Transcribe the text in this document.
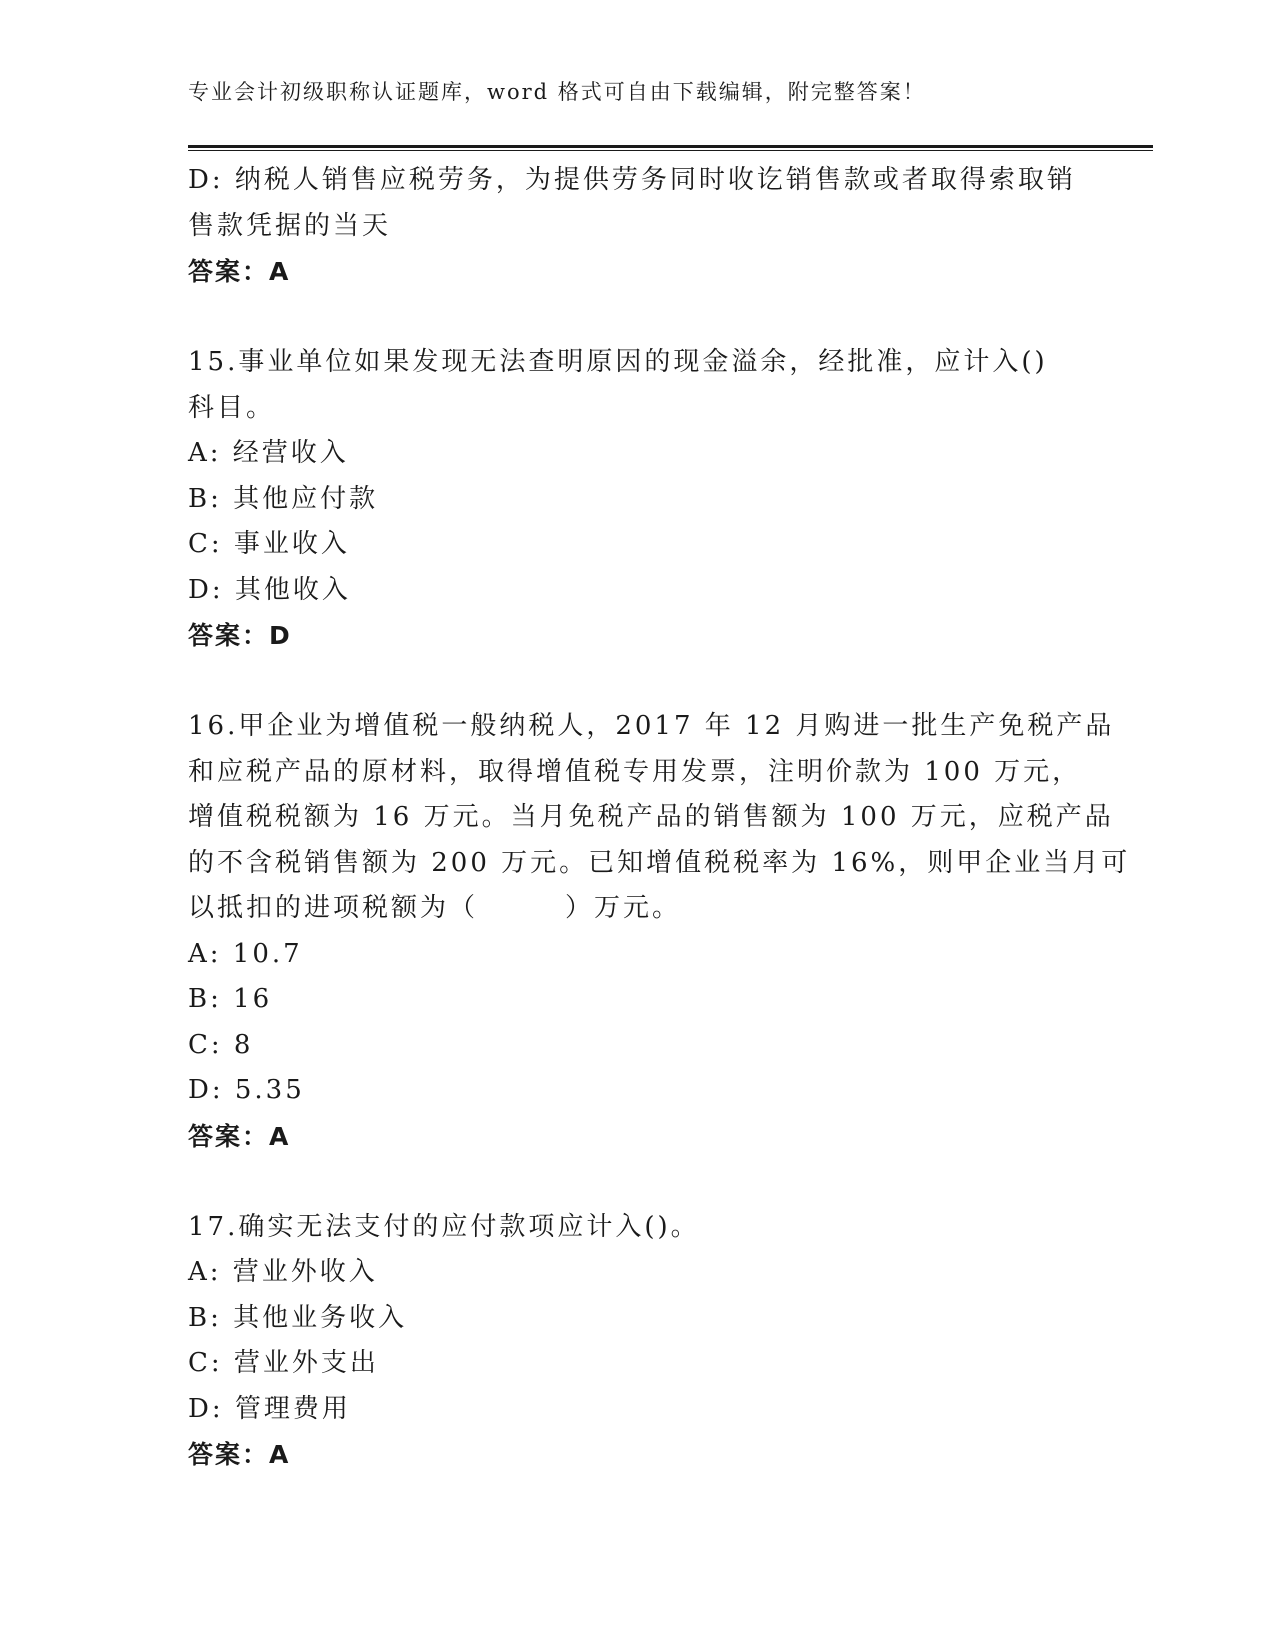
专业会计初级职称认证题库，word 格式可自由下载编辑，附完整答案！
D: 纳税人销售应税劳务，为提供劳务同时收讫销售款或者取得索取销
售款凭据的当天
答案：A
15.事业单位如果发现无法查明原因的现金溢余，经批准，应计入()
科目。
A: 经营收入
B: 其他应付款
C: 事业收入
D: 其他收入
答案：D
16.甲企业为增值税一般纳税人，2017 年 12 月购进一批生产免税产品
和应税产品的原材料，取得增值税专用发票，注明价款为 100 万元，
增值税税额为 16 万元。当月免税产品的销售额为 100 万元，应税产品
的不含税销售额为 200 万元。已知增值税税率为 16%，则甲企业当月可
以抵扣的进项税额为（　　　）万元。
A: 10.7
B: 16
C: 8
D: 5.35
答案：A
17.确实无法支付的应付款项应计入()。
A: 营业外收入
B: 其他业务收入
C: 营业外支出
D: 管理费用
答案：A
